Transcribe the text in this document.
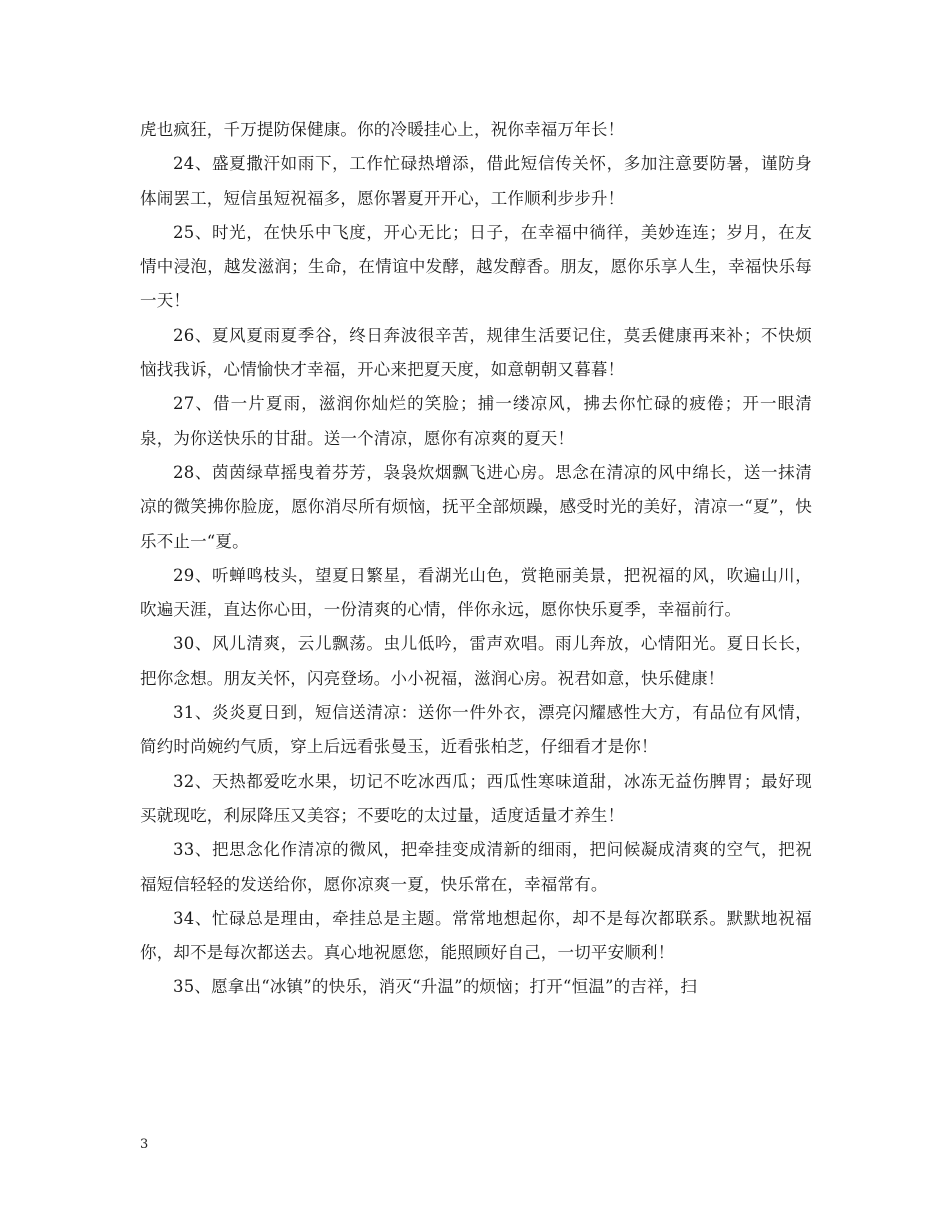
虎也疯狂，千万提防保健康。你的冷暖挂心上，祝你幸福万年长！

24、盛夏撒汗如雨下，工作忙碌热增添，借此短信传关怀，多加注意要防暑，谨防身体闹罢工，短信虽短祝福多，愿你署夏开开心，工作顺利步步升！

25、时光，在快乐中飞度，开心无比；日子，在幸福中徜徉，美妙连连；岁月，在友情中浸泡，越发滋润；生命，在情谊中发酵，越发醇香。朋友，愿你乐享人生，幸福快乐每一天！

26、夏风夏雨夏季谷，终日奔波很辛苦，规律生活要记住，莫丢健康再来补；不快烦恼找我诉，心情愉快才幸福，开心来把夏天度，如意朝朝又暮暮！

27、借一片夏雨，滋润你灿烂的笑脸；捕一缕凉风，拂去你忙碌的疲倦；开一眼清泉，为你送快乐的甘甜。送一个清凉，愿你有凉爽的夏天！

28、茵茵绿草摇曳着芬芳，袅袅炊烟飘飞进心房。思念在清凉的风中绵长，送一抹清凉的微笑拂你脸庞，愿你消尽所有烦恼，抚平全部烦躁，感受时光的美好，清凉一“夏”，快乐不止一“夏。

29、听蝉鸣枝头，望夏日繁星，看湖光山色，赏艳丽美景，把祝福的风，吹遍山川，吹遍天涯，直达你心田，一份清爽的心情，伴你永远，愿你快乐夏季，幸福前行。

30、风儿清爽，云儿飘荡。虫儿低吟，雷声欢唱。雨儿奔放，心情阳光。夏日长长，把你念想。朋友关怀，闪亮登场。小小祝福，滋润心房。祝君如意，快乐健康！

31、炎炎夏日到，短信送清凉：送你一件外衣，漂亮闪耀感性大方，有品位有风情，简约时尚婉约气质，穿上后远看张曼玉，近看张柏芝，仔细看才是你！

32、天热都爱吃水果，切记不吃冰西瓜；西瓜性寒味道甜，冰冻无益伤脾胃；最好现买就现吃，利尿降压又美容；不要吃的太过量，适度适量才养生！

33、把思念化作清凉的微风，把牵挂变成清新的细雨，把问候凝成清爽的空气，把祝福短信轻轻的发送给你，愿你凉爽一夏，快乐常在，幸福常有。

34、忙碌总是理由，牵挂总是主题。常常地想起你，却不是每次都联系。默默地祝福你，却不是每次都送去。真心地祝愿您，能照顾好自己，一切平安顺利！

35、愿拿出“冰镇”的快乐，消灭“升温”的烦恼；打开“恒温”的吉祥，扫

3
